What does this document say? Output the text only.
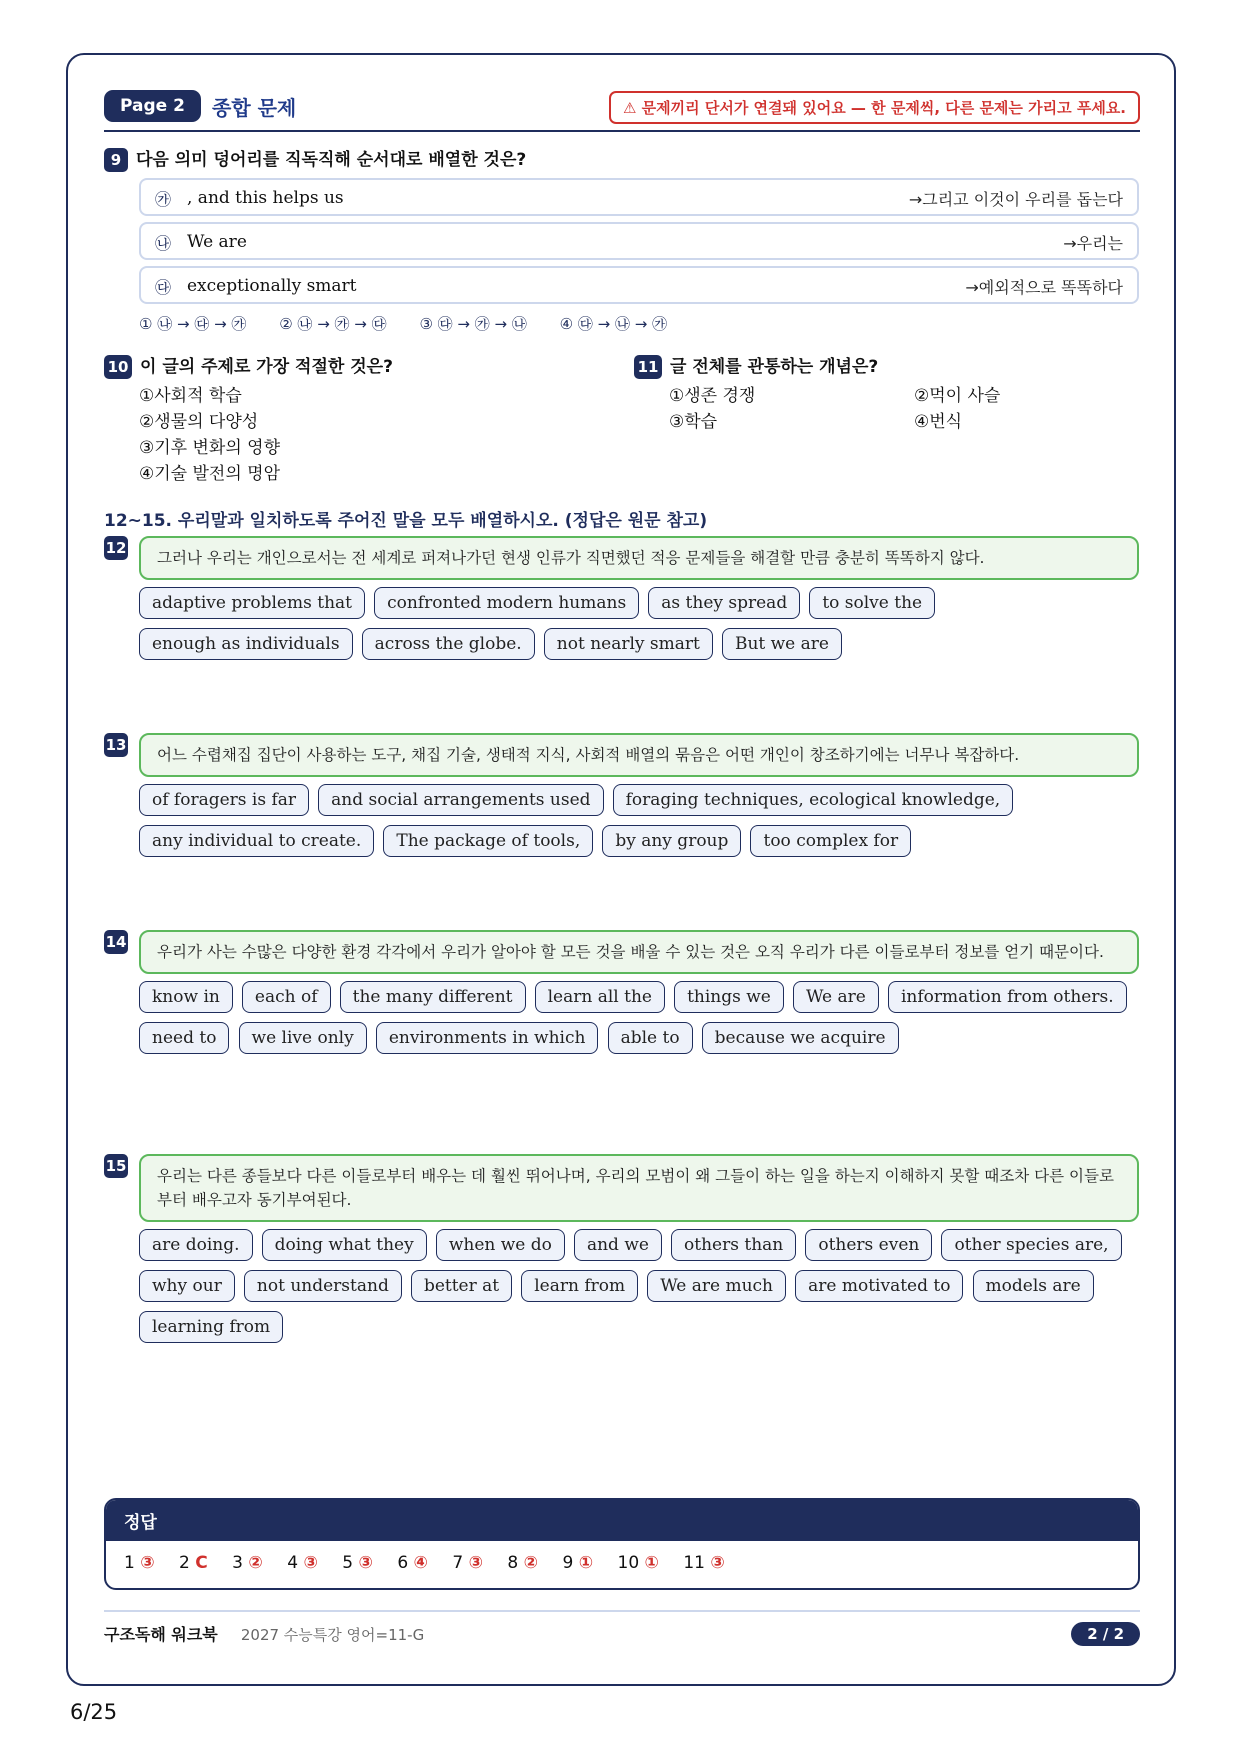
Page 2	종합 문제	⚠ 문제끼리 단서가 연결돼 있어요 — 한 문제씩, 다른 문제는 가리고 푸세요.
9 다음 의미 덩어리를 직독직해 순서대로 배열한 것은?
㉮ , and this helps us	→그리고 이것이 우리를 돕는다
㉯ We are	→우리는
㉰ exceptionally smart	→예외적으로 똑똑하다
① ㉯ → ㉰ → ㉮ ② ㉯ → ㉮ → ㉰ ③ ㉰ → ㉮ → ㉯ ④ ㉰ → ㉯ → ㉮
10 이 글의 주제로 가장 적절한 것은?
①사회적 학습
②생물의 다양성
③기후 변화의 영향
④기술 발전의 명암
11 글 전체를 관통하는 개념은?
①생존 경쟁	②먹이 사슬
③학습	④번식
12~15. 우리말과 일치하도록 주어진 말을 모두 배열하시오. (정답은 원문 참고)
12
그러나 우리는 개인으로서는 전 세계로 퍼져나가던 현생 인류가 직면했던 적응 문제들을 해결할 만큼 충분히 똑똑하지 않다.
adaptive problems that confronted modern humans as they spread to solve the enough as individuals across the globe. not nearly smart But we are
13
어느 수렵채집 집단이 사용하는 도구, 채집 기술, 생태적 지식, 사회적 배열의 묶음은 어떤 개인이 창조하기에는 너무나 복잡하다.
of foragers is far and social arrangements used foraging techniques, ecological knowledge, any individual to create. The package of tools, by any group too complex for
14
우리가 사는 수많은 다양한 환경 각각에서 우리가 알아야 할 모든 것을 배울 수 있는 것은 오직 우리가 다른 이들로부터 정보를 얻기 때문이다.
know in each of the many different learn all the things we We are information from others. need to we live only environments in which able to because we acquire
15
우리는 다른 종들보다 다른 이들로부터 배우는 데 훨씬 뛰어나며, 우리의 모범이 왜 그들이 하는 일을 하는지 이해하지 못할 때조차 다른 이들로부터 배우고자 동기부여된다.
are doing. doing what they when we do and we others than others even other species are, why our not understand better at learn from We are much are motivated to models are learning from
정답
1 ③ 2 C 3 ② 4 ③ 5 ③ 6 ④ 7 ③ 8 ② 9 ① 10 ① 11 ③
구조독해 워크북 2027 수능특강 영어=11-G	2 / 2
6/25
